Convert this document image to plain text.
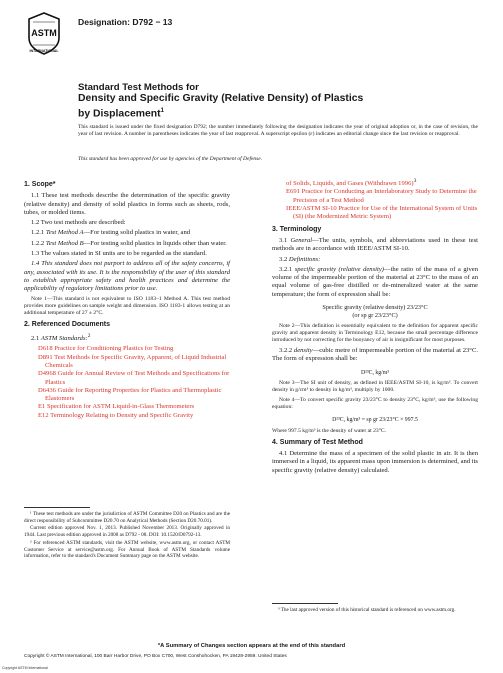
ASTM
INTERNATIONAL
Designation: D792 − 13
Standard Test Methods for
Density and Specific Gravity (Relative Density) of Plastics
by Displacement$^1$
This standard is issued under the fixed designation D792; the number immediately following the designation indicates the year of original adoption or, in the case of revision, the year of last revision. A number in parentheses indicates the year of last reapproval. A superscript epsilon (ε) indicates an editorial change since the last revision or reapproval.
This standard has been approved for use by agencies of the Department of Defense.
1. Scope*
1.1 These test methods describe the determination of the specific gravity (relative density) and density of solid plastics in forms such as sheets, rods, tubes, or molded items.
1.2 Two test methods are described:
1.2.1 Test Method A—For testing solid plastics in water, and
1.2.2 Test Method B—For testing solid plastics in liquids other than water.
1.3 The values stated in SI units are to be regarded as the standard.
1.4 This standard does not purport to address all of the safety concerns, if any, associated with its use. It is the responsibility of the user of this standard to establish appropriate safety and health practices and determine the applicability of regulatory limitations prior to use.
Note 1—This standard is not equivalent to ISO 1183–1 Method A. This test method provides more guidelines on sample weight and dimension. ISO 1183-1 allows testing at an additional temperature of 27 ± 2°C.
2. Referenced Documents
2.1 ASTM Standards:$^2$
D618 Practice for Conditioning Plastics for Testing
D891 Test Methods for Specific Gravity, Apparent, of Liquid Industrial Chemicals
D4968 Guide for Annual Review of Test Methods and Specifications for Plastics
D6436 Guide for Reporting Properties for Plastics and Thermoplastic Elastomers
E1 Specification for ASTM Liquid-in-Glass Thermometers
E12 Terminology Relating to Density and Specific Gravity
of Solids, Liquids, and Gases (Withdrawn 1996)$^3$
E691 Practice for Conducting an Interlaboratory Study to Determine the Precision of a Test Method
IEEE/ASTM SI-10 Practice for Use of the International System of Units (SI) (the Modernized Metric System)
3. Terminology
3.1 General—The units, symbols, and abbreviations used in these test methods are in accordance with IEEE/ASTM SI-10.
3.2 Definitions:
3.2.1 specific gravity (relative density)—the ratio of the mass of a given volume of the impermeable portion of the material at 23°C to the mass of an equal volume of gas-free distilled or de-mineralized water at the same temperature; the form of expression shall be:
Specific gravity (relative density) 23/23°C
(or sp gr 23/23°C)
Note 2—This definition is essentially equivalent to the definition for apparent specific gravity and apparent density in Terminology E12, because the small percentage difference introduced by not correcting for the buoyancy of air is insignificant for most purposes.
3.2.2 density—cubic metre of impermeable portion of the material at 23°C. The form of expression shall be:
D²³C, kg/m³
Note 3—The SI unit of density, as defined in IEEE/ASTM SI-10, is kg/m³. To convert density in g/cm³ to density in kg/m³, multiply by 1000.
Note 4—To convert specific gravity 23/23°C to density 23°C, kg/m³, use the following equation:
D²³C, kg/m³ = sp gr 23/23°C × 997.5
Where 997.5 kg/m³ is the density of water at 23°C.
4. Summary of Test Method
4.1 Determine the mass of a specimen of the solid plastic in air. It is then immersed in a liquid, its apparent mass upon immersion is determined, and its specific gravity (relative density) calculated.
¹ These test methods are under the jurisdiction of ASTM Committee D20 on Plastics and are the direct responsibility of Subcommittee D20.70 on Analytical Methods (Section D20.70.01).
Current edition approved Nov. 1, 2013. Published November 2013. Originally approved in 1944. Last previous edition approved in 2008 as D792 - 08. DOI: 10.1520/D0792-13.
² For referenced ASTM standards, visit the ASTM website, www.astm.org, or contact ASTM Customer Service at service@astm.org. For Annual Book of ASTM Standards volume information, refer to the standard's Document Summary page on the ASTM website.
³ The last approved version of this historical standard is referenced on www.astm.org.
*A Summary of Changes section appears at the end of this standard
Copyright © ASTM International, 100 Barr Harbor Drive, PO Box C700, West Conshohocken, PA 19428-2959. United States
Copyright ASTM International
